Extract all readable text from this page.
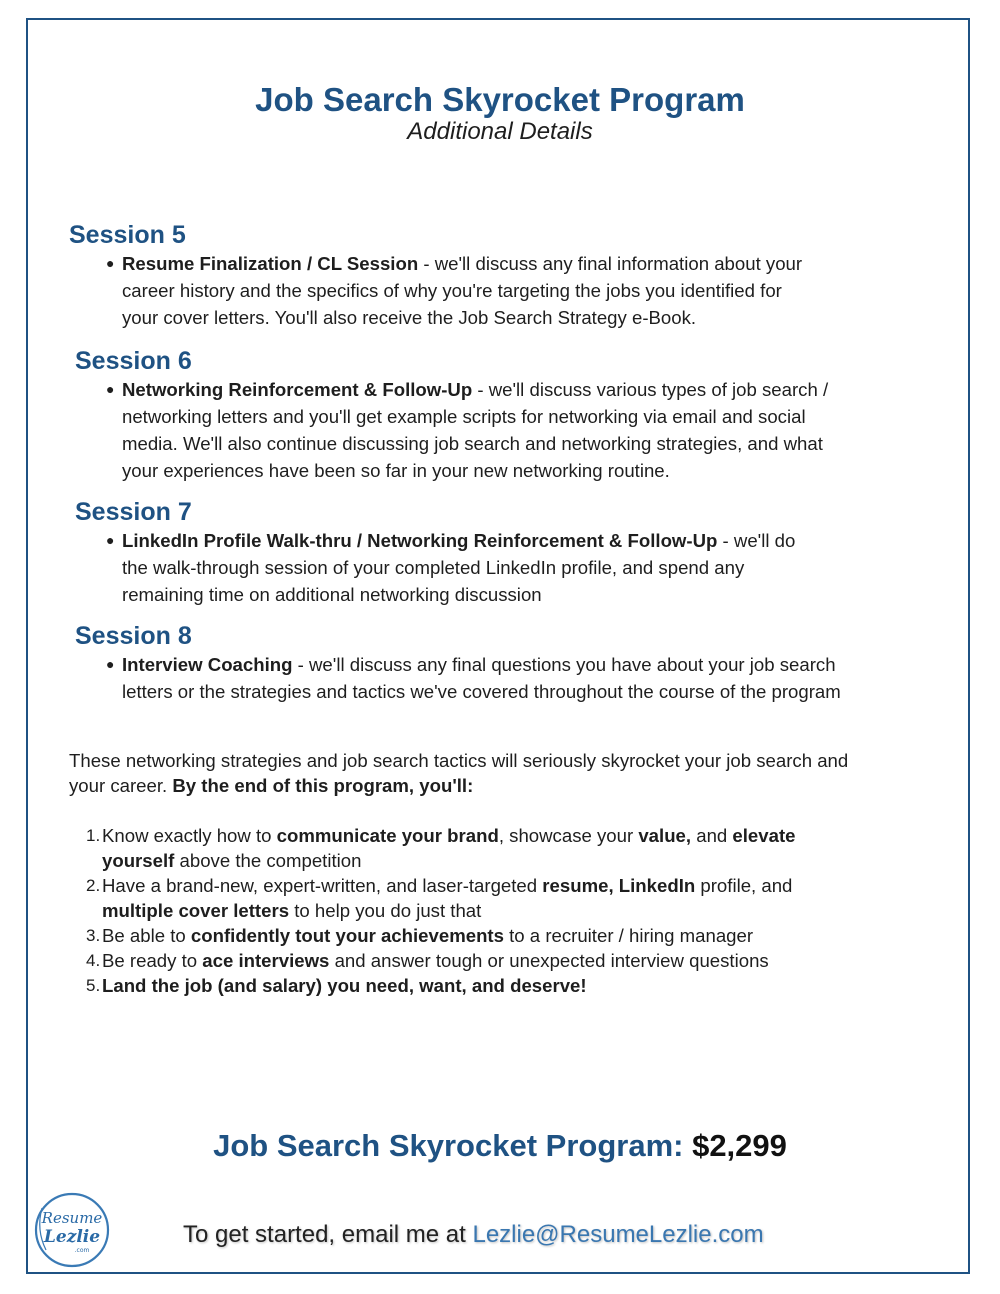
Job Search Skyrocket Program
Additional Details
Session 5
● Resume Finalization / CL Session - we'll discuss any final information about your
career history and the specifics of why you're targeting the jobs you identified for
your cover letters. You'll also receive the Job Search Strategy e-Book.
Session 6
● Networking Reinforcement & Follow-Up - we'll discuss various types of job search /
networking letters and you'll get example scripts for networking via email and social
media. We'll also continue discussing job search and networking strategies, and what
your experiences have been so far in your new networking routine.
Session 7
● LinkedIn Profile Walk-thru / Networking Reinforcement & Follow-Up - we'll do
the walk-through session of your completed LinkedIn profile, and spend any
remaining time on additional networking discussion
Session 8
● Interview Coaching - we'll discuss any final questions you have about your job search
letters or the strategies and tactics we've covered throughout the course of the program

These networking strategies and job search tactics will seriously skyrocket your job search and
your career. By the end of this program, you'll:

1. Know exactly how to communicate your brand, showcase your value, and elevate
yourself above the competition
2. Have a brand-new, expert-written, and laser-targeted resume, LinkedIn profile, and
multiple cover letters to help you do just that
3. Be able to confidently tout your achievements to a recruiter / hiring manager
4. Be ready to ace interviews and answer tough or unexpected interview questions
5. Land the job (and salary) you need, want, and deserve!
Job Search Skyrocket Program: $2,299
Resume
Lezlie
.com
To get started, email me at Lezlie@ResumeLezlie.com
